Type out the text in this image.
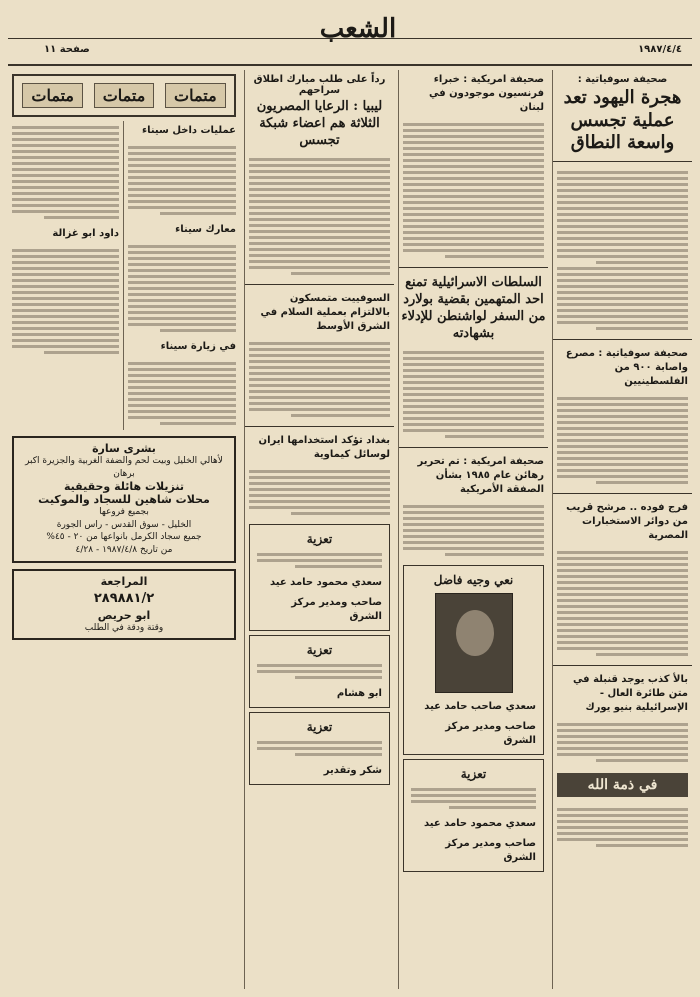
١٩٨٧/٤/٤
الشعب
صفحة ١١
صحيفة سوفياتية :
هجرة اليهود تعد عملية تجسس واسعة النطاق
صحيفة سوفياتية : مصرع واصابة ٩٠٠ من الفلسطينيين
فرج فوده .. مرشح قريب من دوائر الاستخبارات المصرية
بالأ كذب يوجد قنبلة في متن طائرة العال - الإسرائيلية بنيو يورك
في ذمة الله
صحيفة امريكية : خبراء فرنسيون موجودون في لبنان
السلطات الاسرائيلية تمنع احد المتهمين بقضية بولارد من السفر لواشنطن للإدلاء بشهادته
صحيفة امريكية : تم تحرير رهائن عام ١٩٨٥ بشأن الصفقة الأمريكية
نعي وجيه فاضل
سعدي صاحب حامد عيد
صاحب ومدير مركز الشرق
تعزية
سعدي محمود حامد عيد
صاحب ومدير مركز الشرق
رداً على طلب مبارك اطلاق سراحهم
ليبيا : الرعايا المصريون الثلاثة هم اعضاء شبكة تجسس
السوفييت متمسكون بالالتزام بعملية السلام في الشرق الأوسط
بغداد تؤكد استخدامها ايران لوسائل كيماوية
تعزية
سعدي محمود حامد عيد
صاحب ومدير مركز الشرق
تعزية
ابو هشام
تعزية
شكر وتقدير
متمات
متمات
متمات
عمليات داخل سيناء
معارك سيناء
في زيارة سيناء
داود ابو غزالة
بشرى سارة
لأهالي الخليل وبيت لحم والضفة الغربية والجزيرة اكبر برهان
تنزيلات هائلة وحقيقية
محلات شاهين للسجاد والموكيت
بجميع فروعها
الخليل - سوق القدس - راس الجورة
جميع سجاد الكرمل بانواعها من ٢٠ - ٤٥%
من تاريخ ١٩٨٧/٤/٨ - ٤/٢٨
المراجعة
٢٨٩٨٨١/٢
ابو حريص
وقتة ودقة في الطلب
